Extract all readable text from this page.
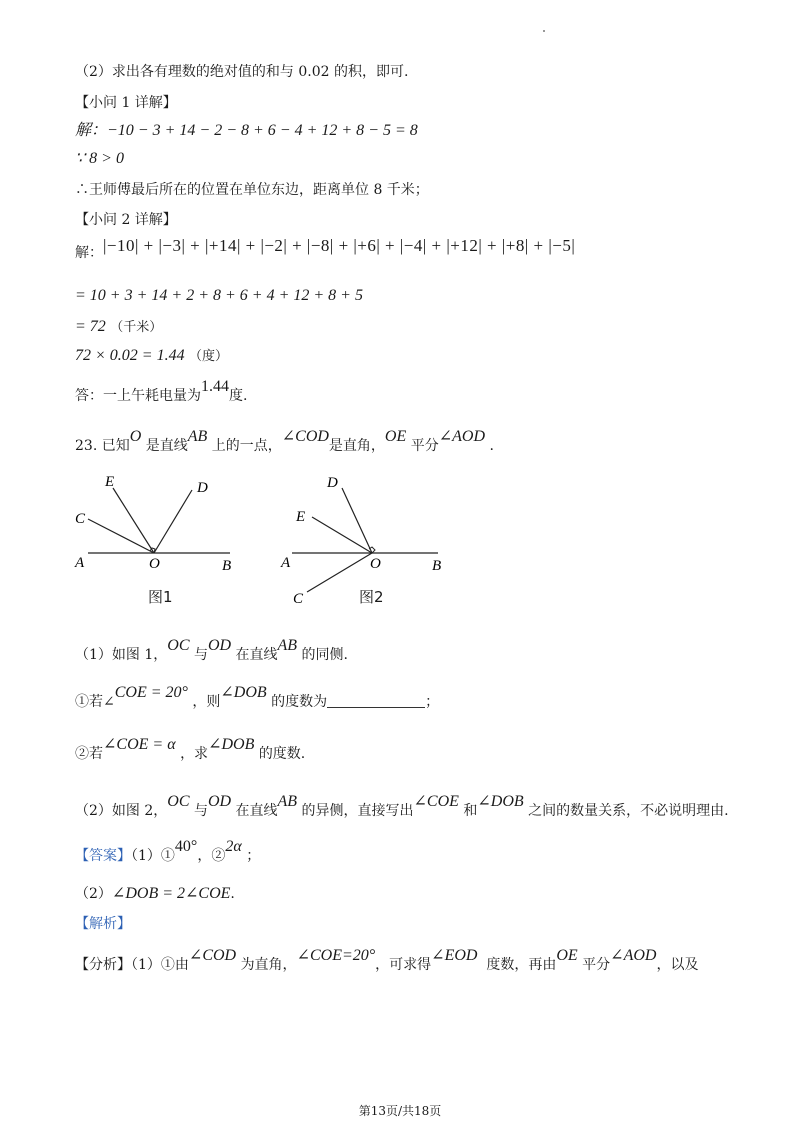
（2）求出各有理数的绝对值的和与 0.02 的积，即可.
【小问 1 详解】
解：−10 − 3 + 14 − 2 − 8 + 6 − 4 + 12 + 8 − 5 = 8
∵ 8 > 0
∴王师傅最后所在的位置在单位东边，距离单位 8 千米；
【小问 2 详解】
解：|−10| + |−3| + |+14| + |−2| + |−8| + |+6| + |−4| + |+12| + |+8| + |−5|
= 10 + 3 + 14 + 2 + 8 + 6 + 4 + 12 + 8 + 5
= 72 （千米）
72 × 0.02 = 1.44 （度）
答：一上午耗电量为1.44度.
23. 已知O 是直线AB 上的一点，∠COD是直角，OE 平分∠AOD .
E	D
C
A	O	B
图1
D
E
A	O	B
C	图2
（1）如图 1，OC 与OD 在直线AB 的同侧.
①若∠COE = 20° ，则∠DOB 的度数为	；
②若∠COE = α ，求∠DOB 的度数.
（2）如图 2，OC 与OD 在直线AB 的异侧，直接写出∠COE 和∠DOB 之间的数量关系，不必说明理由.
【答案】（1）①40°，②2α ；
（2）∠DOB = 2∠COE.
【解析】
【分析】（1）①由∠COD 为直角，∠COE=20°，可求得∠EOD  度数，再由OE 平分∠AOD，以及
第13页/共18页
